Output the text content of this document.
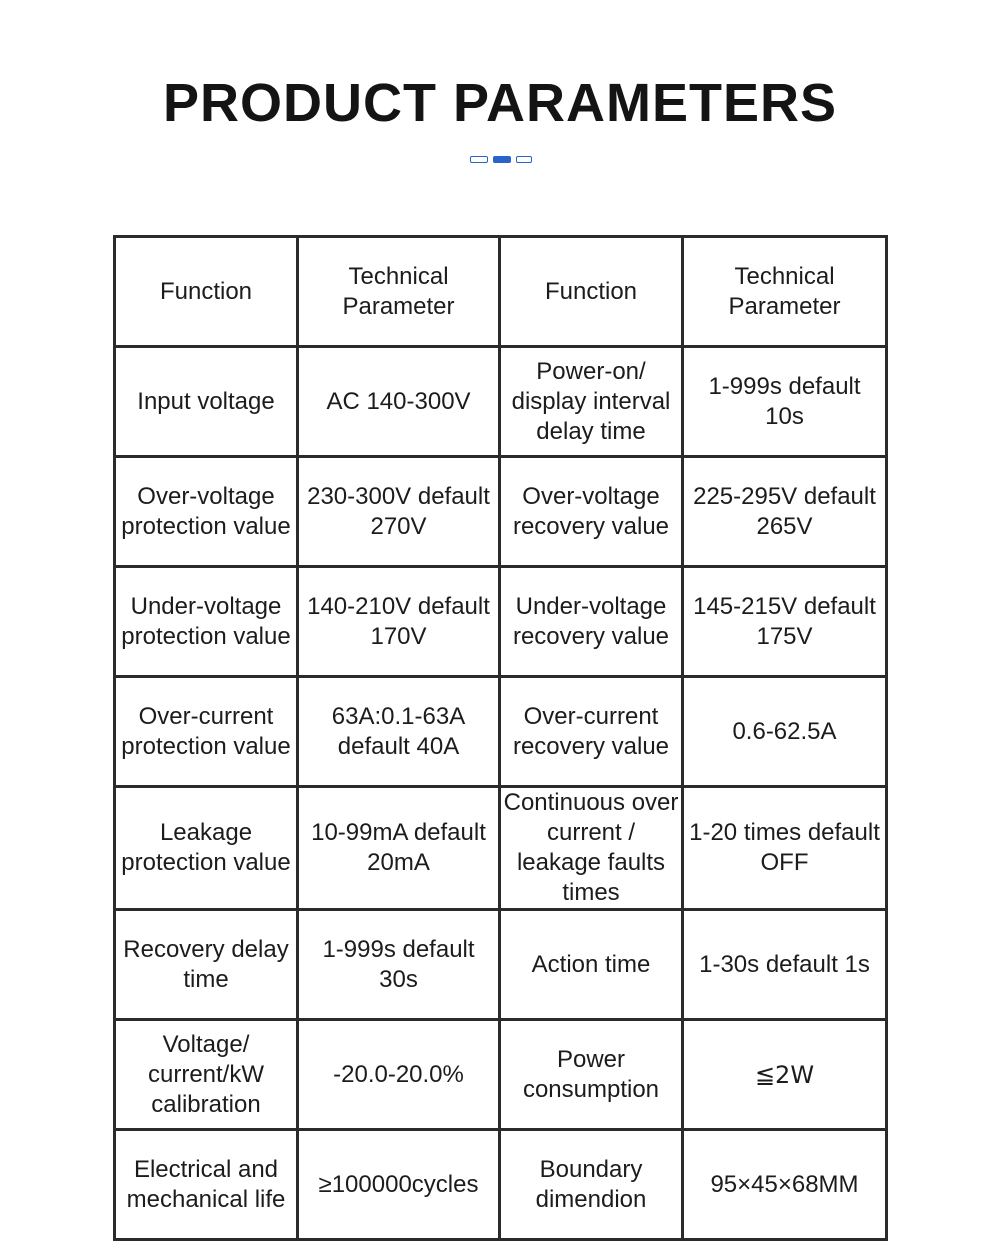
PRODUCT PARAMETERS
Function	Technical Parameter	Function	Technical Parameter
Input voltage	AC 140-300V	Power-on/ display interval delay time	1-999s default 10s
Over-voltage protection value	230-300V default 270V	Over-voltage recovery value	225-295V default 265V
Under-voltage protection value	140-210V default 170V	Under-voltage recovery value	145-215V default 175V
Over-current protection value	63A:0.1-63A default 40A	Over-current recovery value	0.6-62.5A
Leakage protection value	10-99mA default 20mA	Continuous over current / leakage faults times	1-20 times default OFF
Recovery delay time	1-999s default 30s	Action time	1-30s default 1s
Voltage/ current/kW calibration	-20.0-20.0%	Power consumption	≦2W
Electrical and mechanical life	≥100000cycles	Boundary dimendion	95×45×68MM
